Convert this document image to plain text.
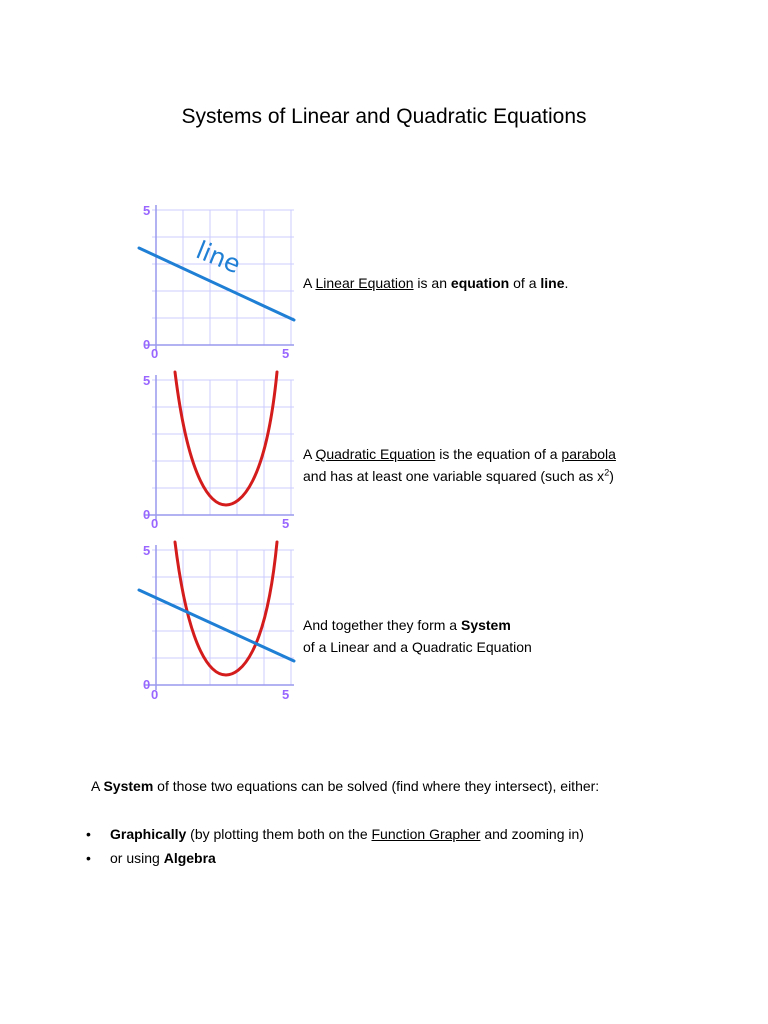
Systems of Linear and Quadratic Equations
5
0
0	5
line
A Linear Equation is an equation of a line.
5
0
0	5
A Quadratic Equation is the equation of a parabola
and has at least one variable squared (such as $x^2$)
5
0
0	5
And together they form a System
of a Linear and a Quadratic Equation
A System of those two equations can be solved (find where they intersect), either:
• Graphically (by plotting them both on the Function Grapher and zooming in)
• or using Algebra
